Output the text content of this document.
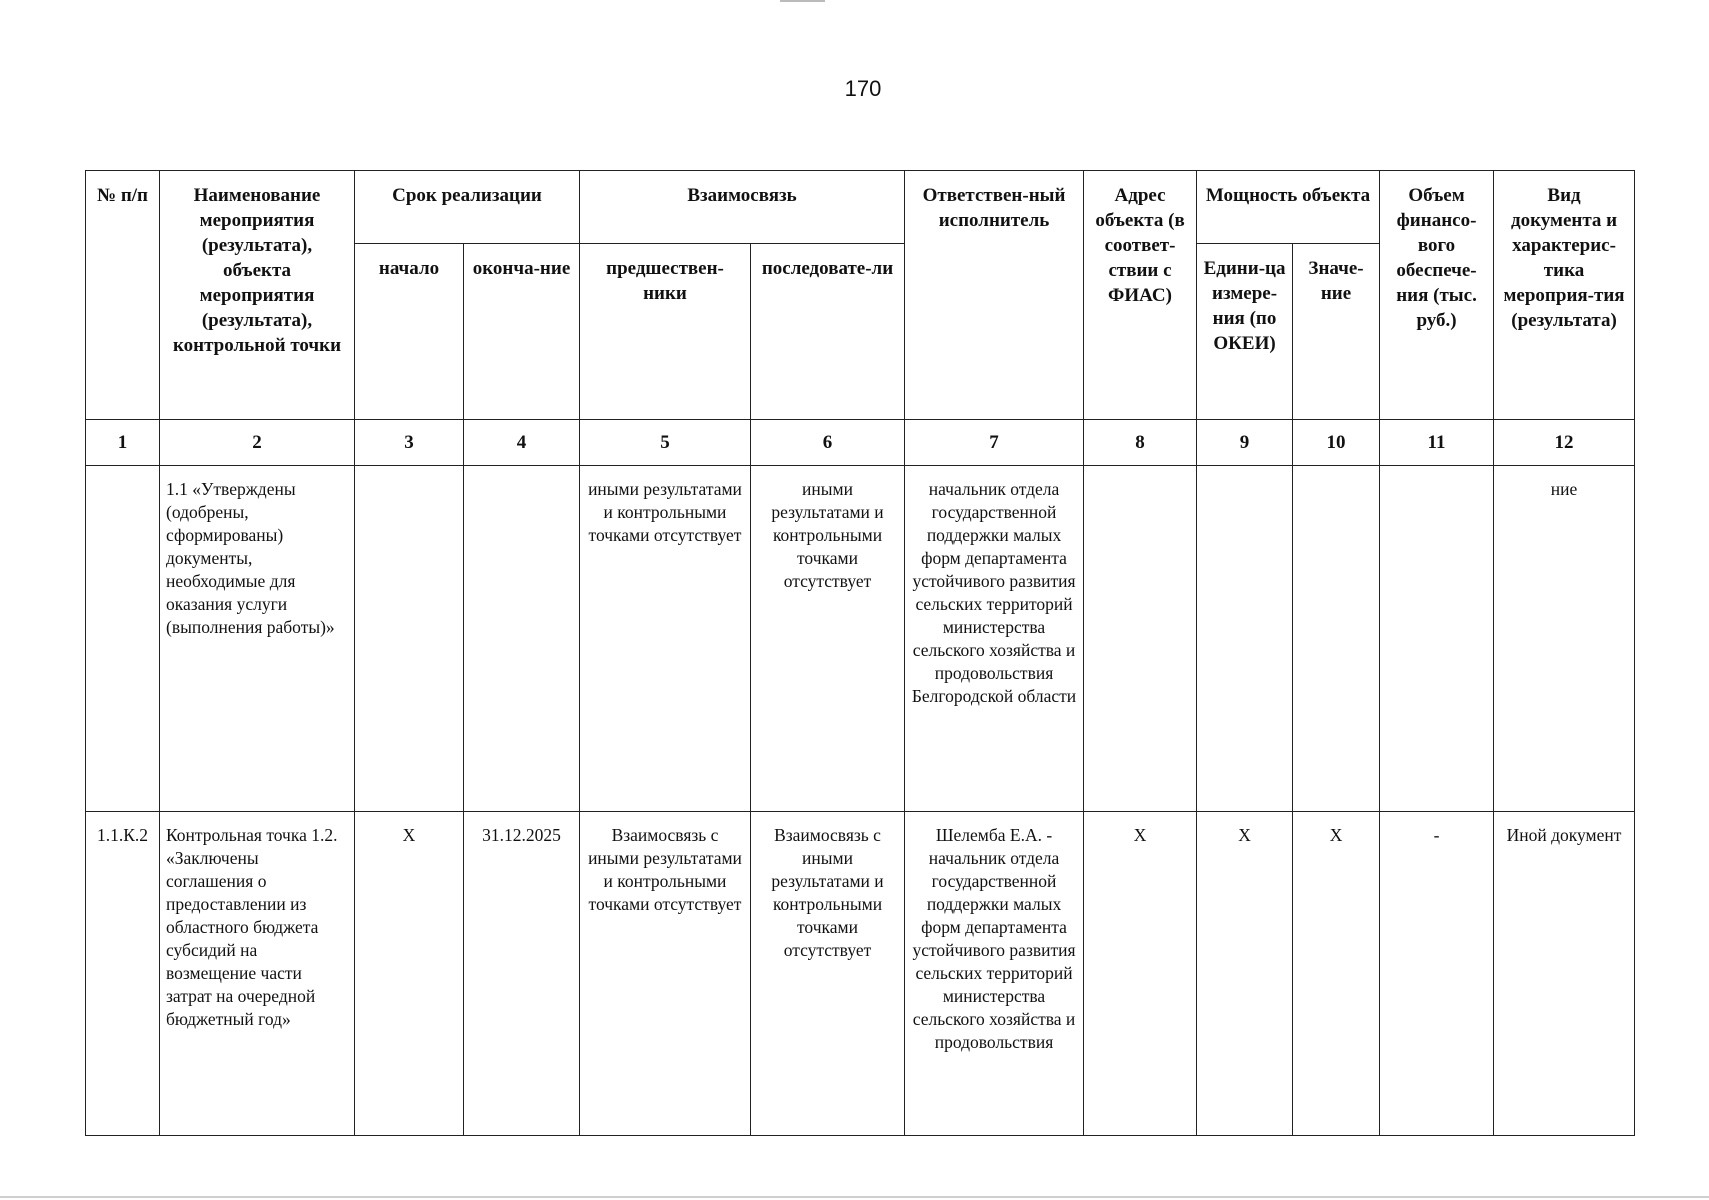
170
№ п/п	Наименование мероприятия (результата), объекта мероприятия (результата), контрольной точки	Срок реализации		Взаимосвязь		Ответствен-ный исполнитель	Адрес объекта (в соответ-ствии с ФИАС)	Мощность объекта		Объем финансо-вого обеспече-ния (тыс. руб.)	Вид документа и характерис-тика мероприя-тия (результата)
		начало	оконча-ние	предшествен-ники	последовате-ли			Едини-ца измере-ния (по ОКЕИ)	Значе-ние		
1	2	3	4	5	6	7	8	9	10	11	12
	1.1 «Утверждены (одобрены, сформированы) документы, необходимые для оказания услуги (выполнения работы)»			иными результатами и контрольными точками отсутствует	иными результатами и контрольными точками отсутствует	начальник отдела государственной поддержки малых форм департамента устойчивого развития сельских территорий министерства сельского хозяйства и продовольствия Белгородской области					ние
1.1.К.2	Контрольная точка 1.2. «Заключены соглашения о предоставлении из областного бюджета субсидий на возмещение части затрат на очередной бюджетный год»	Х	31.12.2025	Взаимосвязь с иными результатами и контрольными точками отсутствует	Взаимосвязь с иными результатами и контрольными точками отсутствует	Шелемба Е.А. - начальник отдела государственной поддержки малых форм департамента устойчивого развития сельских территорий министерства сельского хозяйства и продовольствия	Х	Х	Х	-	Иной документ
